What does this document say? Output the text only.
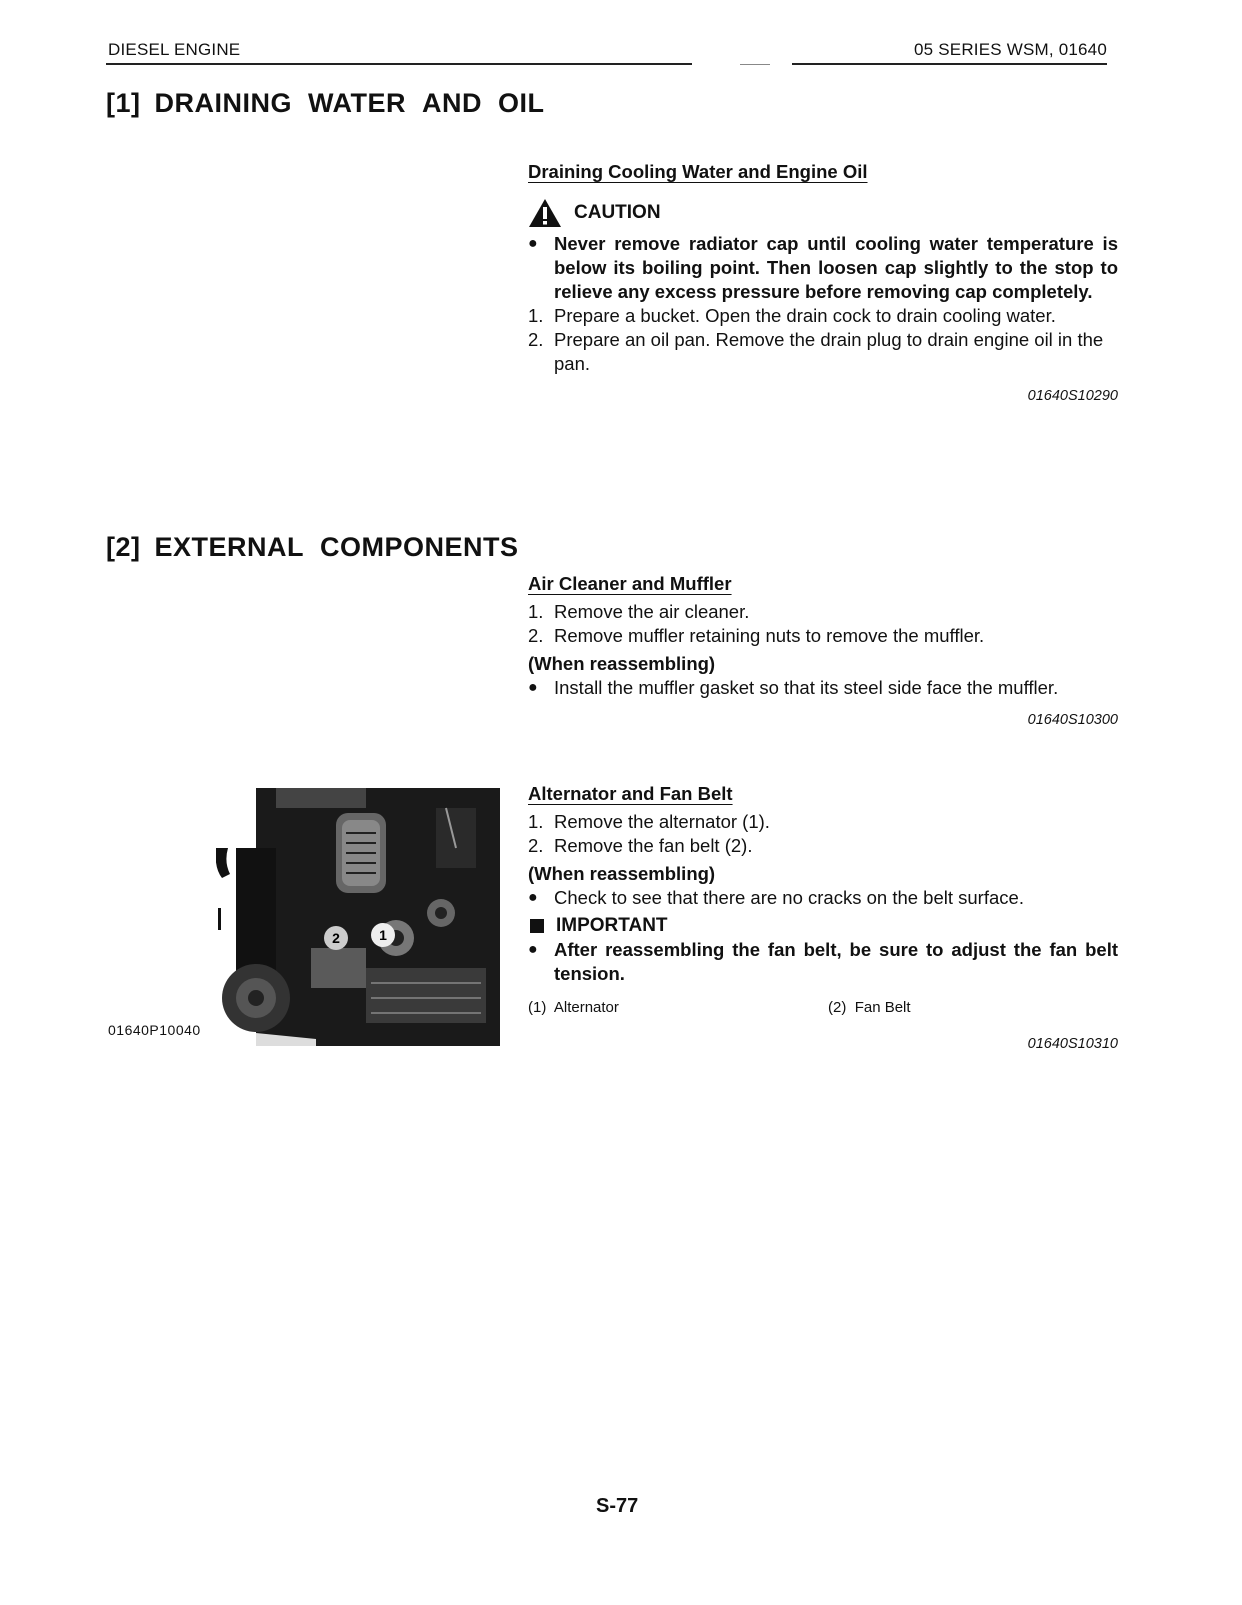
DIESEL ENGINE	05 SERIES WSM, 01640
[1] DRAINING WATER AND OIL
Draining Cooling Water and Engine Oil
CAUTION
● Never remove radiator cap until cooling water temperature is below its boiling point. Then loosen cap slightly to the stop to relieve any excess pressure before removing cap completely.
1. Prepare a bucket. Open the drain cock to drain cooling water.
2. Prepare an oil pan. Remove the drain plug to drain engine oil in the pan.
01640S10290
[2] EXTERNAL COMPONENTS
Air Cleaner and Muffler
1. Remove the air cleaner.
2. Remove muffler retaining nuts to remove the muffler.
(When reassembling)
● Install the muffler gasket so that its steel side face the muffler.
01640S10300
2	1
01640P10040
Alternator and Fan Belt
1. Remove the alternator (1).
2. Remove the fan belt (2).
(When reassembling)
● Check to see that there are no cracks on the belt surface.
IMPORTANT
● After reassembling the fan belt, be sure to adjust the fan belt tension.
(1) Alternator	(2) Fan Belt
01640S10310
S-77
